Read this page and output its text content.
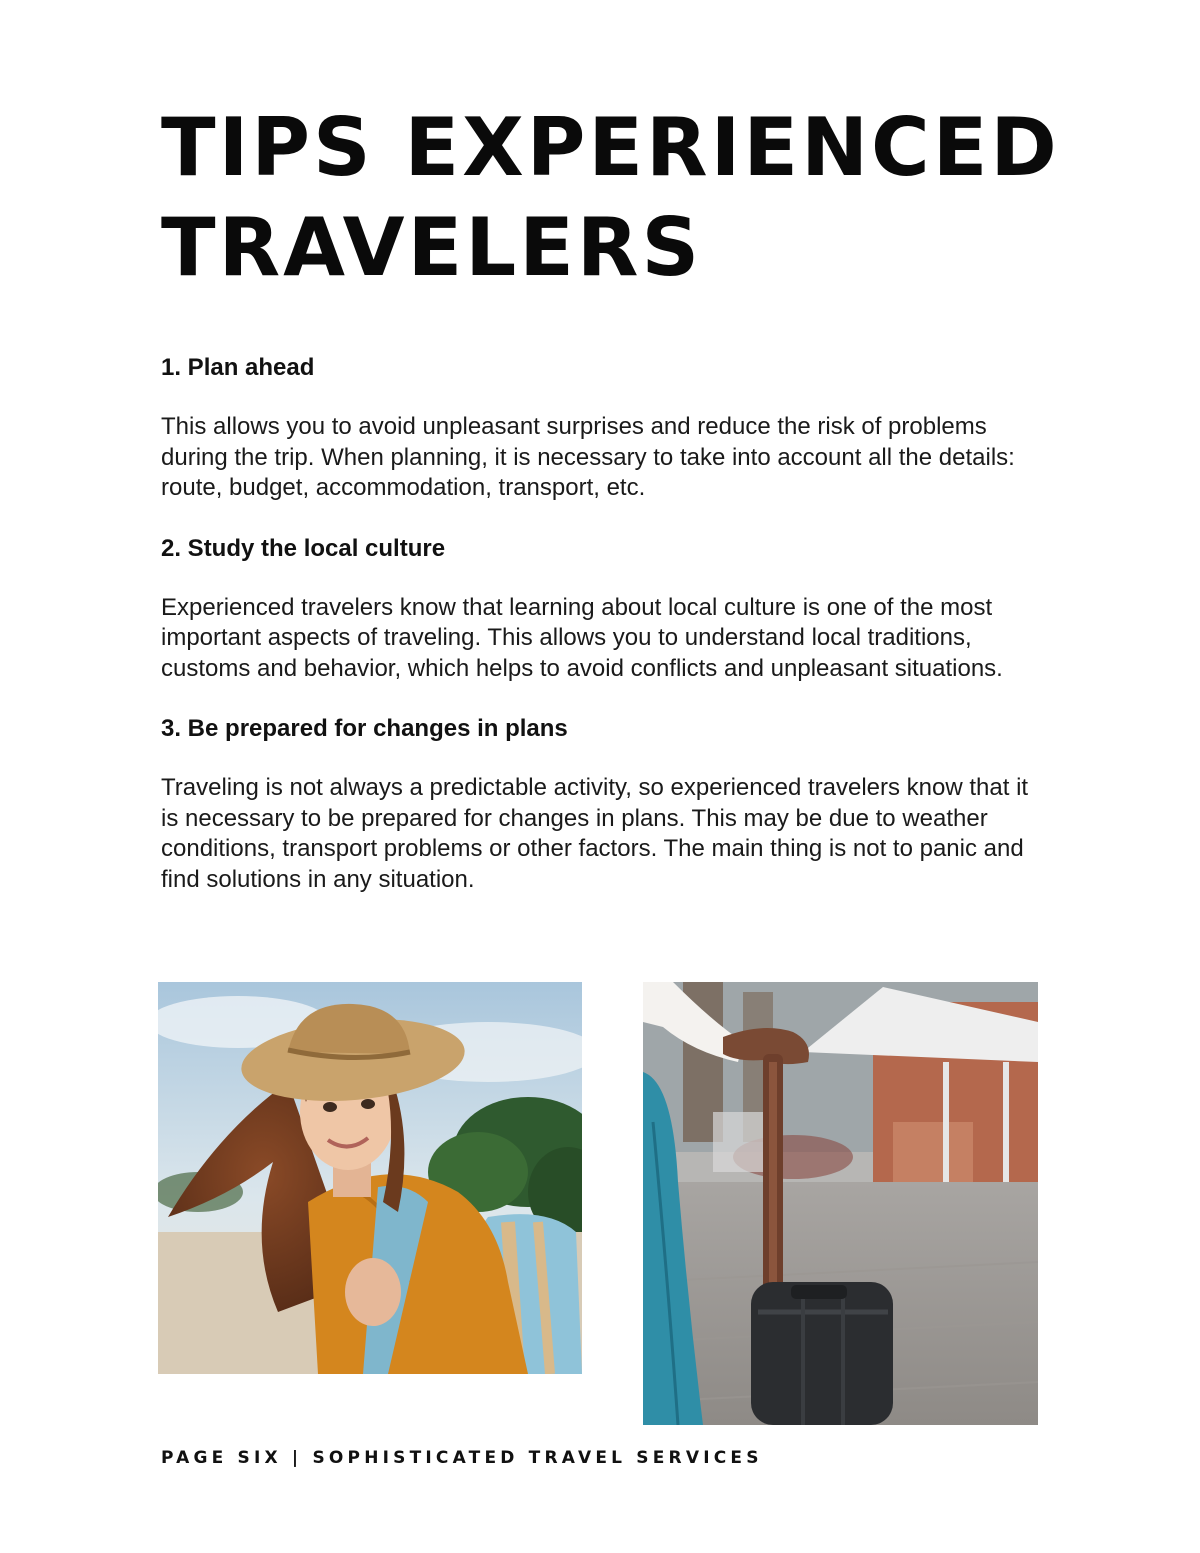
TIPS EXPERIENCED TRAVELERS
1. Plan ahead

This allows you to avoid unpleasant surprises and reduce the risk of problems during the trip. When planning, it is necessary to take into account all the details: route, budget, accommodation, transport, etc.

2. Study the local culture

Experienced travelers know that learning about local culture is one of the most important aspects of traveling. This allows you to understand local traditions, customs and behavior, which helps to avoid conflicts and unpleasant situations.

3. Be prepared for changes in plans

Traveling is not always a predictable activity, so experienced travelers know that it is necessary to be prepared for changes in plans. This may be due to weather conditions, transport problems or other factors. The main thing is not to panic and find solutions in any situation.

PAGE SIX | SOPHISTICATED TRAVEL SERVICES
